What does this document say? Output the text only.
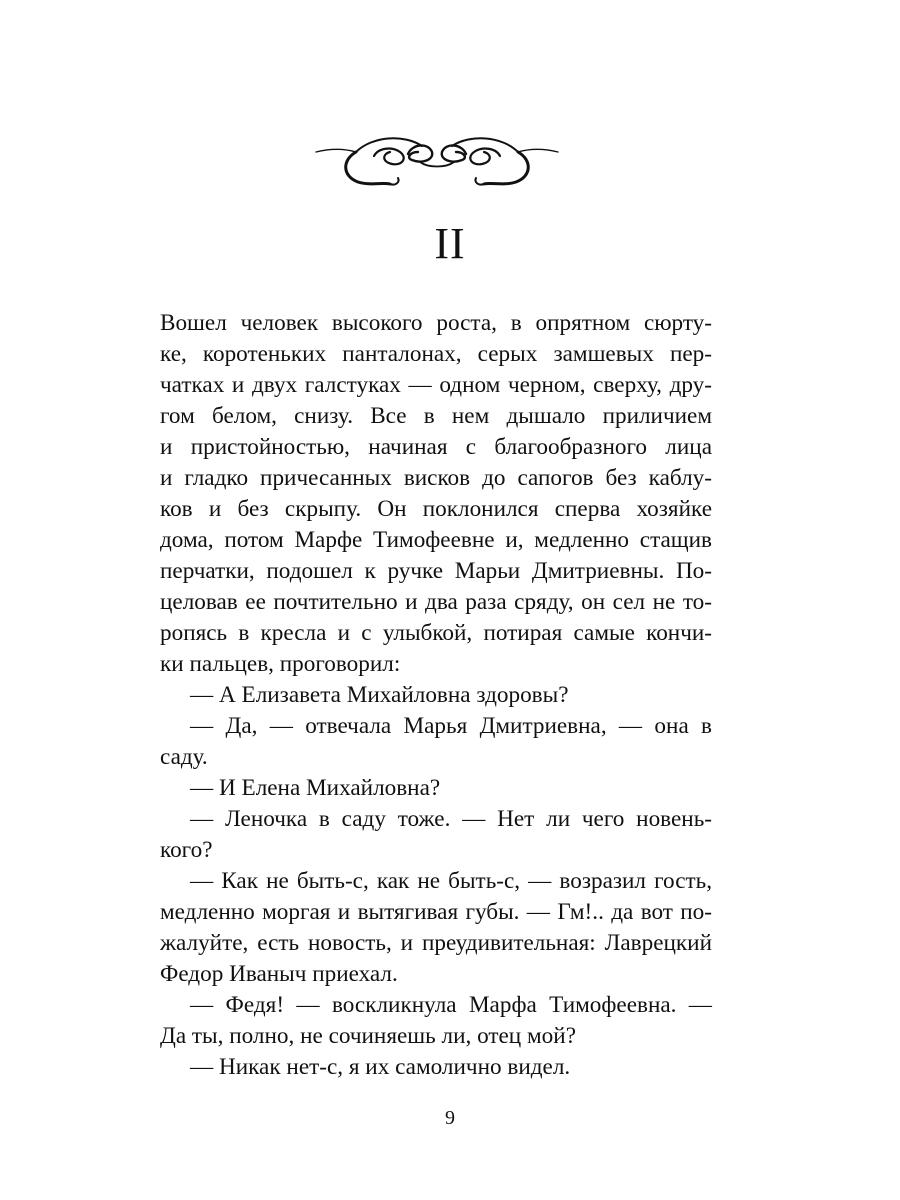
II

Вошел человек высокого роста, в опрятном сюрту-

ке, коротеньких панталонах, серых замшевых пер-

чатках и двух галстуках — одном черном, сверху, дру-

гом белом, снизу. Все в нем дышало приличием

и пристойностью, начиная с благообразного лица

и гладко причесанных висков до сапогов без каблу-

ков и без скрыпу. Он поклонился сперва хозяйке

дома, потом Марфе Тимофеевне и, медленно стащив

перчатки, подошел к ручке Марьи Дмитриевны. По-

целовав ее почтительно и два раза сряду, он сел не то-

ропясь в кресла и с улыбкой, потирая самые кончи-

ки пальцев, проговорил:

— А Елизавета Михайловна здоровы?

— Да, — отвечала Марья Дмитриевна, — она в саду.

— И Елена Михайловна?

— Леночка в саду тоже. — Нет ли чего новень-

кого?

— Как не быть-с, как не быть-с, — возразил гость,

медленно моргая и вытягивая губы. — Гм!.. да вот по-

жалуйте, есть новость, и преудивительная: Лаврецкий

Федор Иваныч приехал.

— Федя! — воскликнула Марфа Тимофеевна. —

Да ты, полно, не сочиняешь ли, отец мой?

— Никак нет-с, я их самолично видел.

9
